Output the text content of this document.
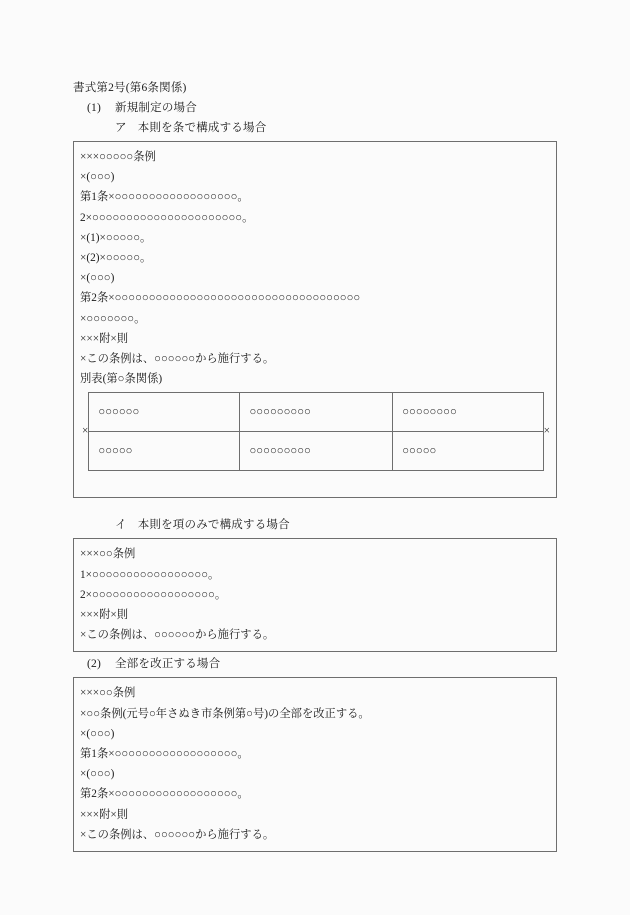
書式第2号(第6条関係)
(1) 新規制定の場合
ア 本則を条で構成する場合
×××○○○○○条例
×(○○○)
第1条×○○○○○○○○○○○○○○○○○○。
2×○○○○○○○○○○○○○○○○○○○○○○。
×(1)×○○○○○。
×(2)×○○○○○。
×(○○○)
第2条×○○○○○○○○○○○○○○○○○○○○○○○○○○○○○○○○○○○○
×○○○○○○○。
×××附×則
×この条例は、○○○○○○から施行する。
別表(第○条関係)
×
○○○○○○	○○○○○○○○○	○○○○○○○○
○○○○○	○○○○○○○○○	○○○○○
×
イ 本則を項のみで構成する場合
×××○○条例
1×○○○○○○○○○○○○○○○○○。
2×○○○○○○○○○○○○○○○○○○。
×××附×則
×この条例は、○○○○○○から施行する。
(2) 全部を改正する場合
×××○○条例
×○○条例(元号○年さぬき市条例第○号)の全部を改正する。
×(○○○)
第1条×○○○○○○○○○○○○○○○○○○。
×(○○○)
第2条×○○○○○○○○○○○○○○○○○○。
×××附×則
×この条例は、○○○○○○から施行する。
